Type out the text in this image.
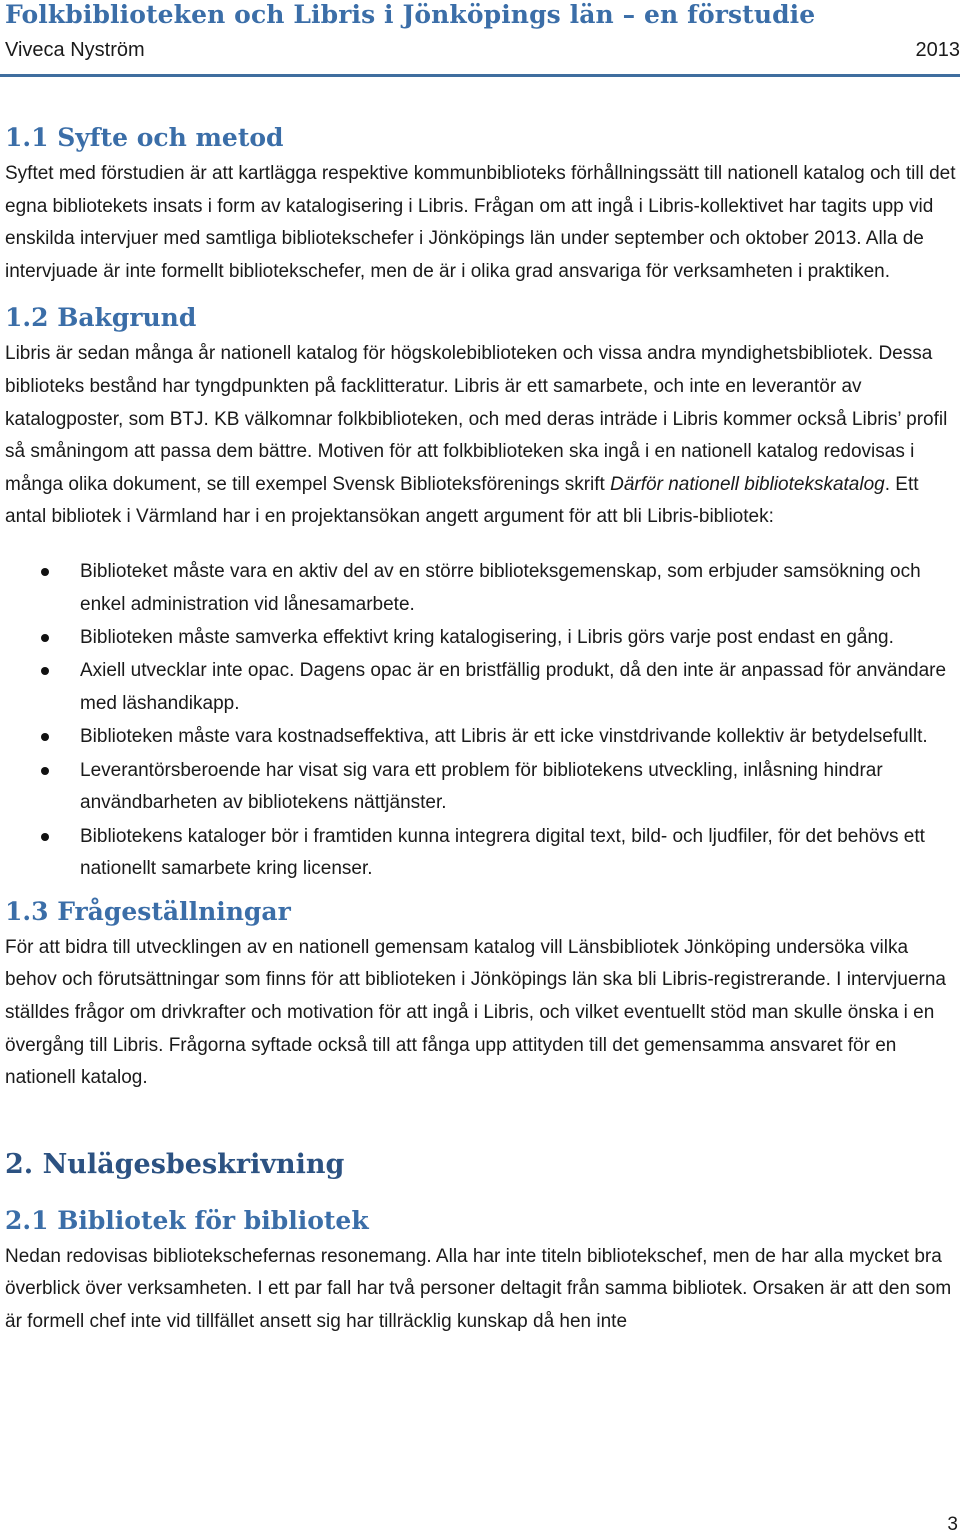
Folkbiblioteken och Libris i Jönköpings län – en förstudie
Viveca Nyström	2013
1.1 Syfte och metod

Syftet med förstudien är att kartlägga respektive kommunbiblioteks förhållningssätt till nationell katalog och till det egna bibliotekets insats i form av katalogisering i Libris. Frågan om att ingå i Libris-kollektivet har tagits upp vid enskilda intervjuer med samtliga bibliotekschefer i Jönköpings län under september och oktober 2013. Alla de intervjuade är inte formellt bibliotekschefer, men de är i olika grad ansvariga för verksamheten i praktiken.

1.2 Bakgrund

Libris är sedan många år nationell katalog för högskolebiblioteken och vissa andra myndighetsbibliotek. Dessa biblioteks bestånd har tyngdpunkten på facklitteratur. Libris är ett samarbete, och inte en leverantör av katalogposter, som BTJ. KB välkomnar folkbiblioteken, och med deras inträde i Libris kommer också Libris’ profil så småningom att passa dem bättre. Motiven för att folkbiblioteken ska ingå i en nationell katalog redovisas i många olika dokument, se till exempel Svensk Biblioteksförenings skrift Därför nationell bibliotekskatalog. Ett antal bibliotek i Värmland har i en projektansökan angett argument för att bli Libris-bibliotek:

Biblioteket måste vara en aktiv del av en större biblioteksgemenskap, som erbjuder samsökning och enkel administration vid lånesamarbete.
Biblioteken måste samverka effektivt kring katalogisering, i Libris görs varje post endast en gång.
Axiell utvecklar inte opac. Dagens opac är en bristfällig produkt, då den inte är anpassad för användare med läshandikapp.
Biblioteken måste vara kostnadseffektiva, att Libris är ett icke vinstdrivande kollektiv är betydelsefullt.
Leverantörsberoende har visat sig vara ett problem för bibliotekens utveckling, inlåsning hindrar användbarheten av bibliotekens nättjänster.
Bibliotekens kataloger bör i framtiden kunna integrera digital text, bild- och ljudfiler, för det behövs ett nationellt samarbete kring licenser.
1.3 Frågeställningar

För att bidra till utvecklingen av en nationell gemensam katalog vill Länsbibliotek Jönköping undersöka vilka behov och förutsättningar som finns för att biblioteken i Jönköpings län ska bli Libris-registrerande. I intervjuerna ställdes frågor om drivkrafter och motivation för att ingå i Libris, och vilket eventuellt stöd man skulle önska i en övergång till Libris. Frågorna syftade också till att fånga upp attityden till det gemensamma ansvaret för en nationell katalog.

2. Nulägesbeskrivning
2.1 Bibliotek för bibliotek

Nedan redovisas bibliotekschefernas resonemang. Alla har inte titeln bibliotekschef, men de har alla mycket bra överblick över verksamheten. I ett par fall har två personer deltagit från samma bibliotek. Orsaken är att den som är formell chef inte vid tillfället ansett sig har tillräcklig kunskap då hen inte

3
